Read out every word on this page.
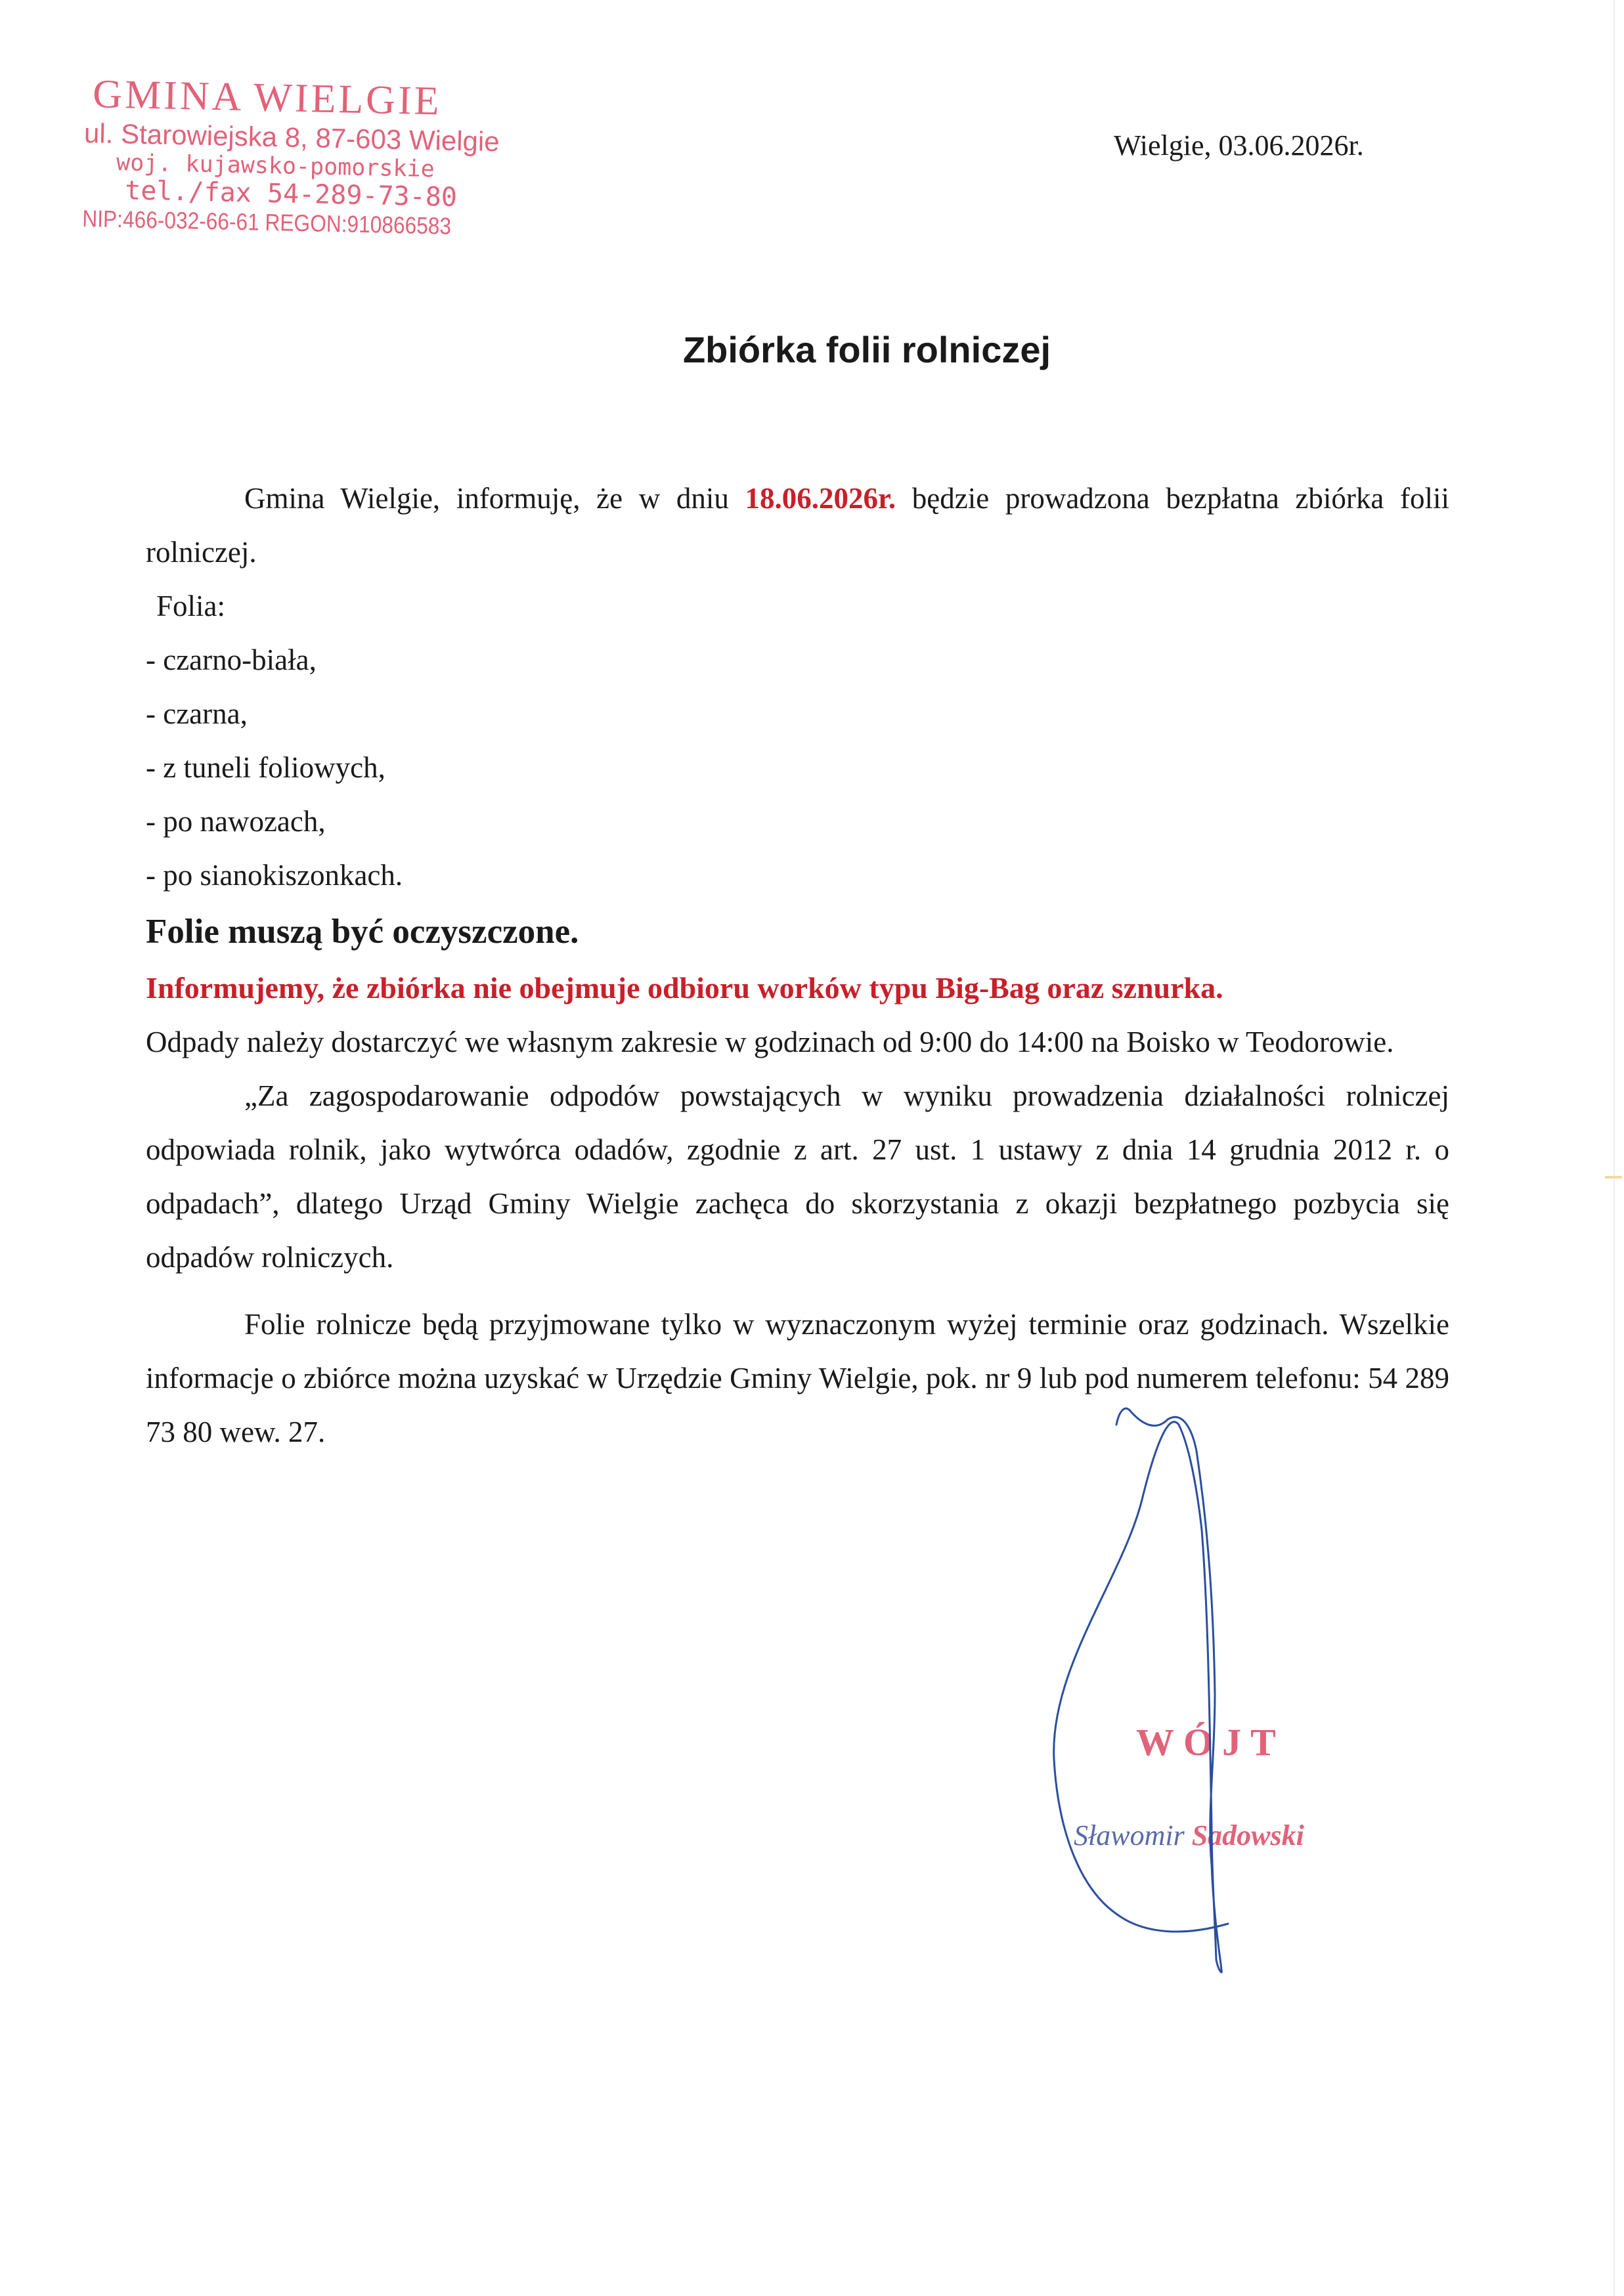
GMINA WIELGIE
ul. Starowiejska 8, 87-603 Wielgie
woj. kujawsko-pomorskie
tel./fax 54-289-73-80
NIP:466-032-66-61 REGON:910866583
Wielgie, 03.06.2026r.
Zbiórka folii rolniczej

Gmina Wielgie, informuję, że w dniu 18.06.2026r. będzie prowadzona bezpłatna zbiórka folii rolniczej.

Folia:

- czarno-biała,

- czarna,

- z tuneli foliowych,

- po nawozach,

- po sianokiszonkach.

Folie muszą być oczyszczone.

Informujemy, że zbiórka nie obejmuje odbioru worków typu Big-Bag oraz sznurka.

Odpady należy dostarczyć we własnym zakresie w godzinach od 9:00 do 14:00 na Boisko w Teodorowie.

„Za zagospodarowanie odpodów powstających w wyniku prowadzenia działalności rolniczej odpowiada rolnik, jako wytwórca odadów, zgodnie z art. 27 ust. 1 ustawy z dnia 14 grudnia 2012 r. o odpadach”, dlatego Urząd Gminy Wielgie zachęca do skorzystania z okazji bezpłatnego pozbycia się odpadów rolniczych.

Folie rolnicze będą przyjmowane tylko w wyznaczonym wyżej terminie oraz godzinach. Wszelkie informacje o zbiórce można uzyskać w Urzędzie Gminy Wielgie, pok. nr 9 lub pod numerem telefonu: 54 289 73 80 wew. 27.

WÓJT
Sławomir Sadowski
